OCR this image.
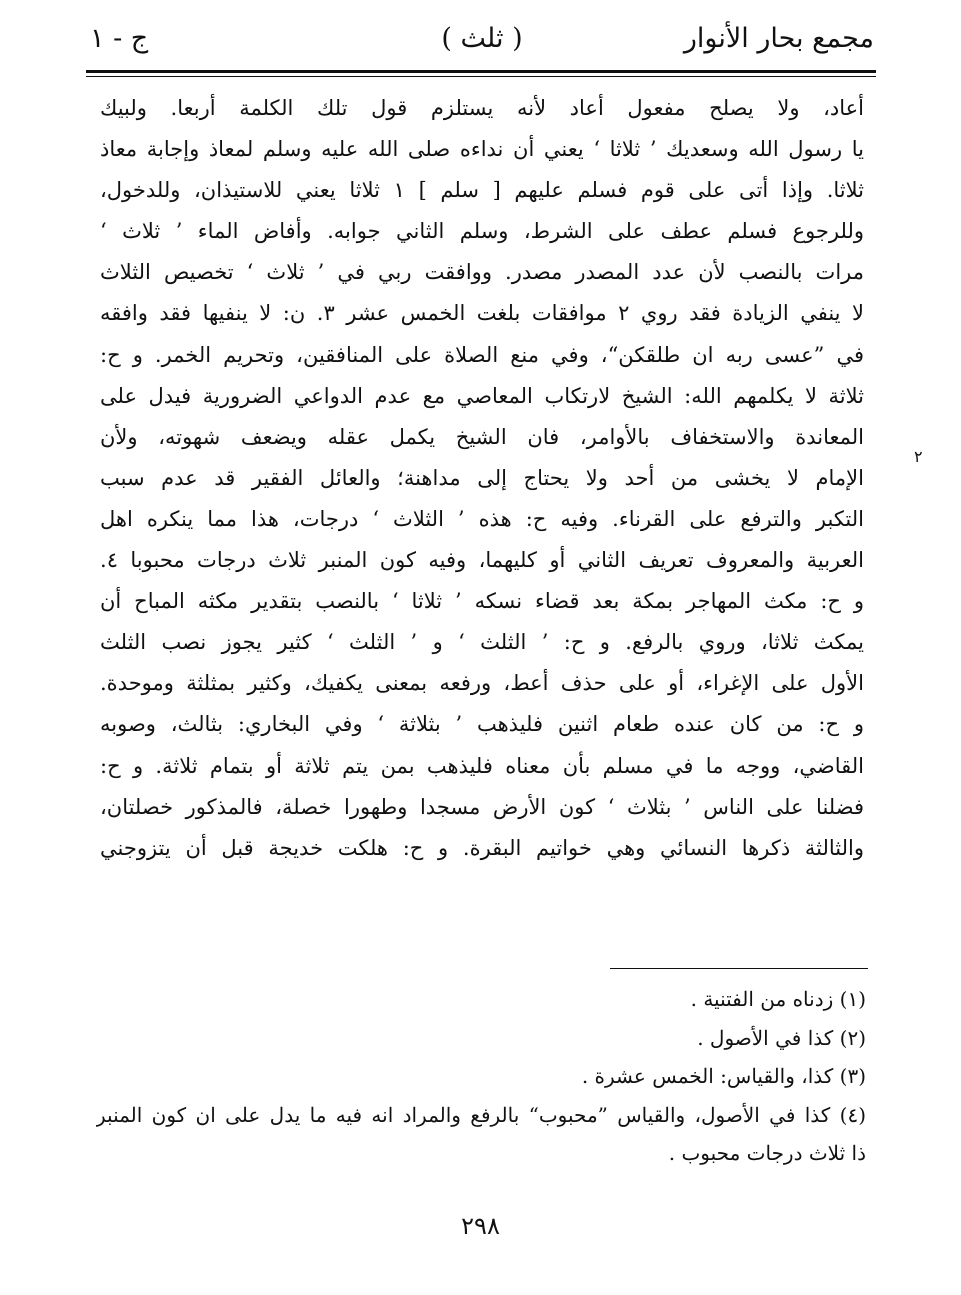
مجمع بحار الأنوار
( ثلث )
ج - ١
٢
أعاد، ولا يصلح مفعول أعاد لأنه يستلزم قول تلك الكلمة أربعا. ولبيك
يا رسول الله وسعديك ’ ثلاثا ‘ يعني أن نداءه صلى الله عليه وسلم لمعاذ وإجابة معاذ
ثلاثا. وإذا أتى على قوم فسلم عليهم [ سلم ] ١ ثلاثا يعني للاستيذان، وللدخول،
وللرجوع فسلم عطف على الشرط، وسلم الثاني جوابه. وأفاض الماء ’ ثلاث ‘
مرات بالنصب لأن عدد المصدر مصدر. ووافقت ربي في ’ ثلاث ‘ تخصيص الثلاث
لا ينفي الزيادة فقد روي ٢ موافقات بلغت الخمس عشر ٣. ن: لا ينفيها فقد وافقه
في ”عسى ربه ان طلقكن“، وفي منع الصلاة على المنافقين، وتحريم الخمر. و ح:
ثلاثة لا يكلمهم الله: الشيخ لارتكاب المعاصي مع عدم الدواعي الضرورية فيدل على
المعاندة والاستخفاف بالأوامر، فان الشيخ يكمل عقله ويضعف شهوته، ولأن
الإمام لا يخشى من أحد ولا يحتاج إلى مداهنة؛ والعائل الفقير قد عدم سبب
التكبر والترفع على القرناء. وفيه ح: هذه ’ الثلاث ‘ درجات، هذا مما ينكره اهل
العربية والمعروف تعريف الثاني أو كليهما، وفيه كون المنبر ثلاث درجات محبوبا ٤.
و ح: مكث المهاجر بمكة بعد قضاء نسكه ’ ثلاثا ‘ بالنصب بتقدير مكثه المباح أن
يمكث ثلاثا، وروي بالرفع. و ح: ’ الثلث ‘ و ’ الثلث ‘ كثير يجوز نصب الثلث
الأول على الإغراء، أو على حذف أعط، ورفعه بمعنى يكفيك، وكثير بمثلثة وموحدة.
و ح: من كان عنده طعام اثنين فليذهب ’ بثلاثة ‘ وفي البخاري: بثالث، وصوبه
القاضي، ووجه ما في مسلم بأن معناه فليذهب بمن يتم ثلاثة أو بتمام ثلاثة. و ح:
فضلنا على الناس ’ بثلاث ‘ كون الأرض مسجدا وطهورا خصلة، فالمذكور خصلتان،
والثالثة ذكرها النسائي وهي خواتيم البقرة. و ح: هلكت خديجة قبل أن يتزوجني
(١) زدناه من الفتنية .
(٢) كذا في الأصول .
(٣) كذا، والقياس: الخمس عشرة .
(٤) كذا في الأصول، والقياس ”محبوب“ بالرفع والمراد انه فيه ما يدل على ان كون المنبر
ذا ثلاث درجات محبوب .
٢٩٨
